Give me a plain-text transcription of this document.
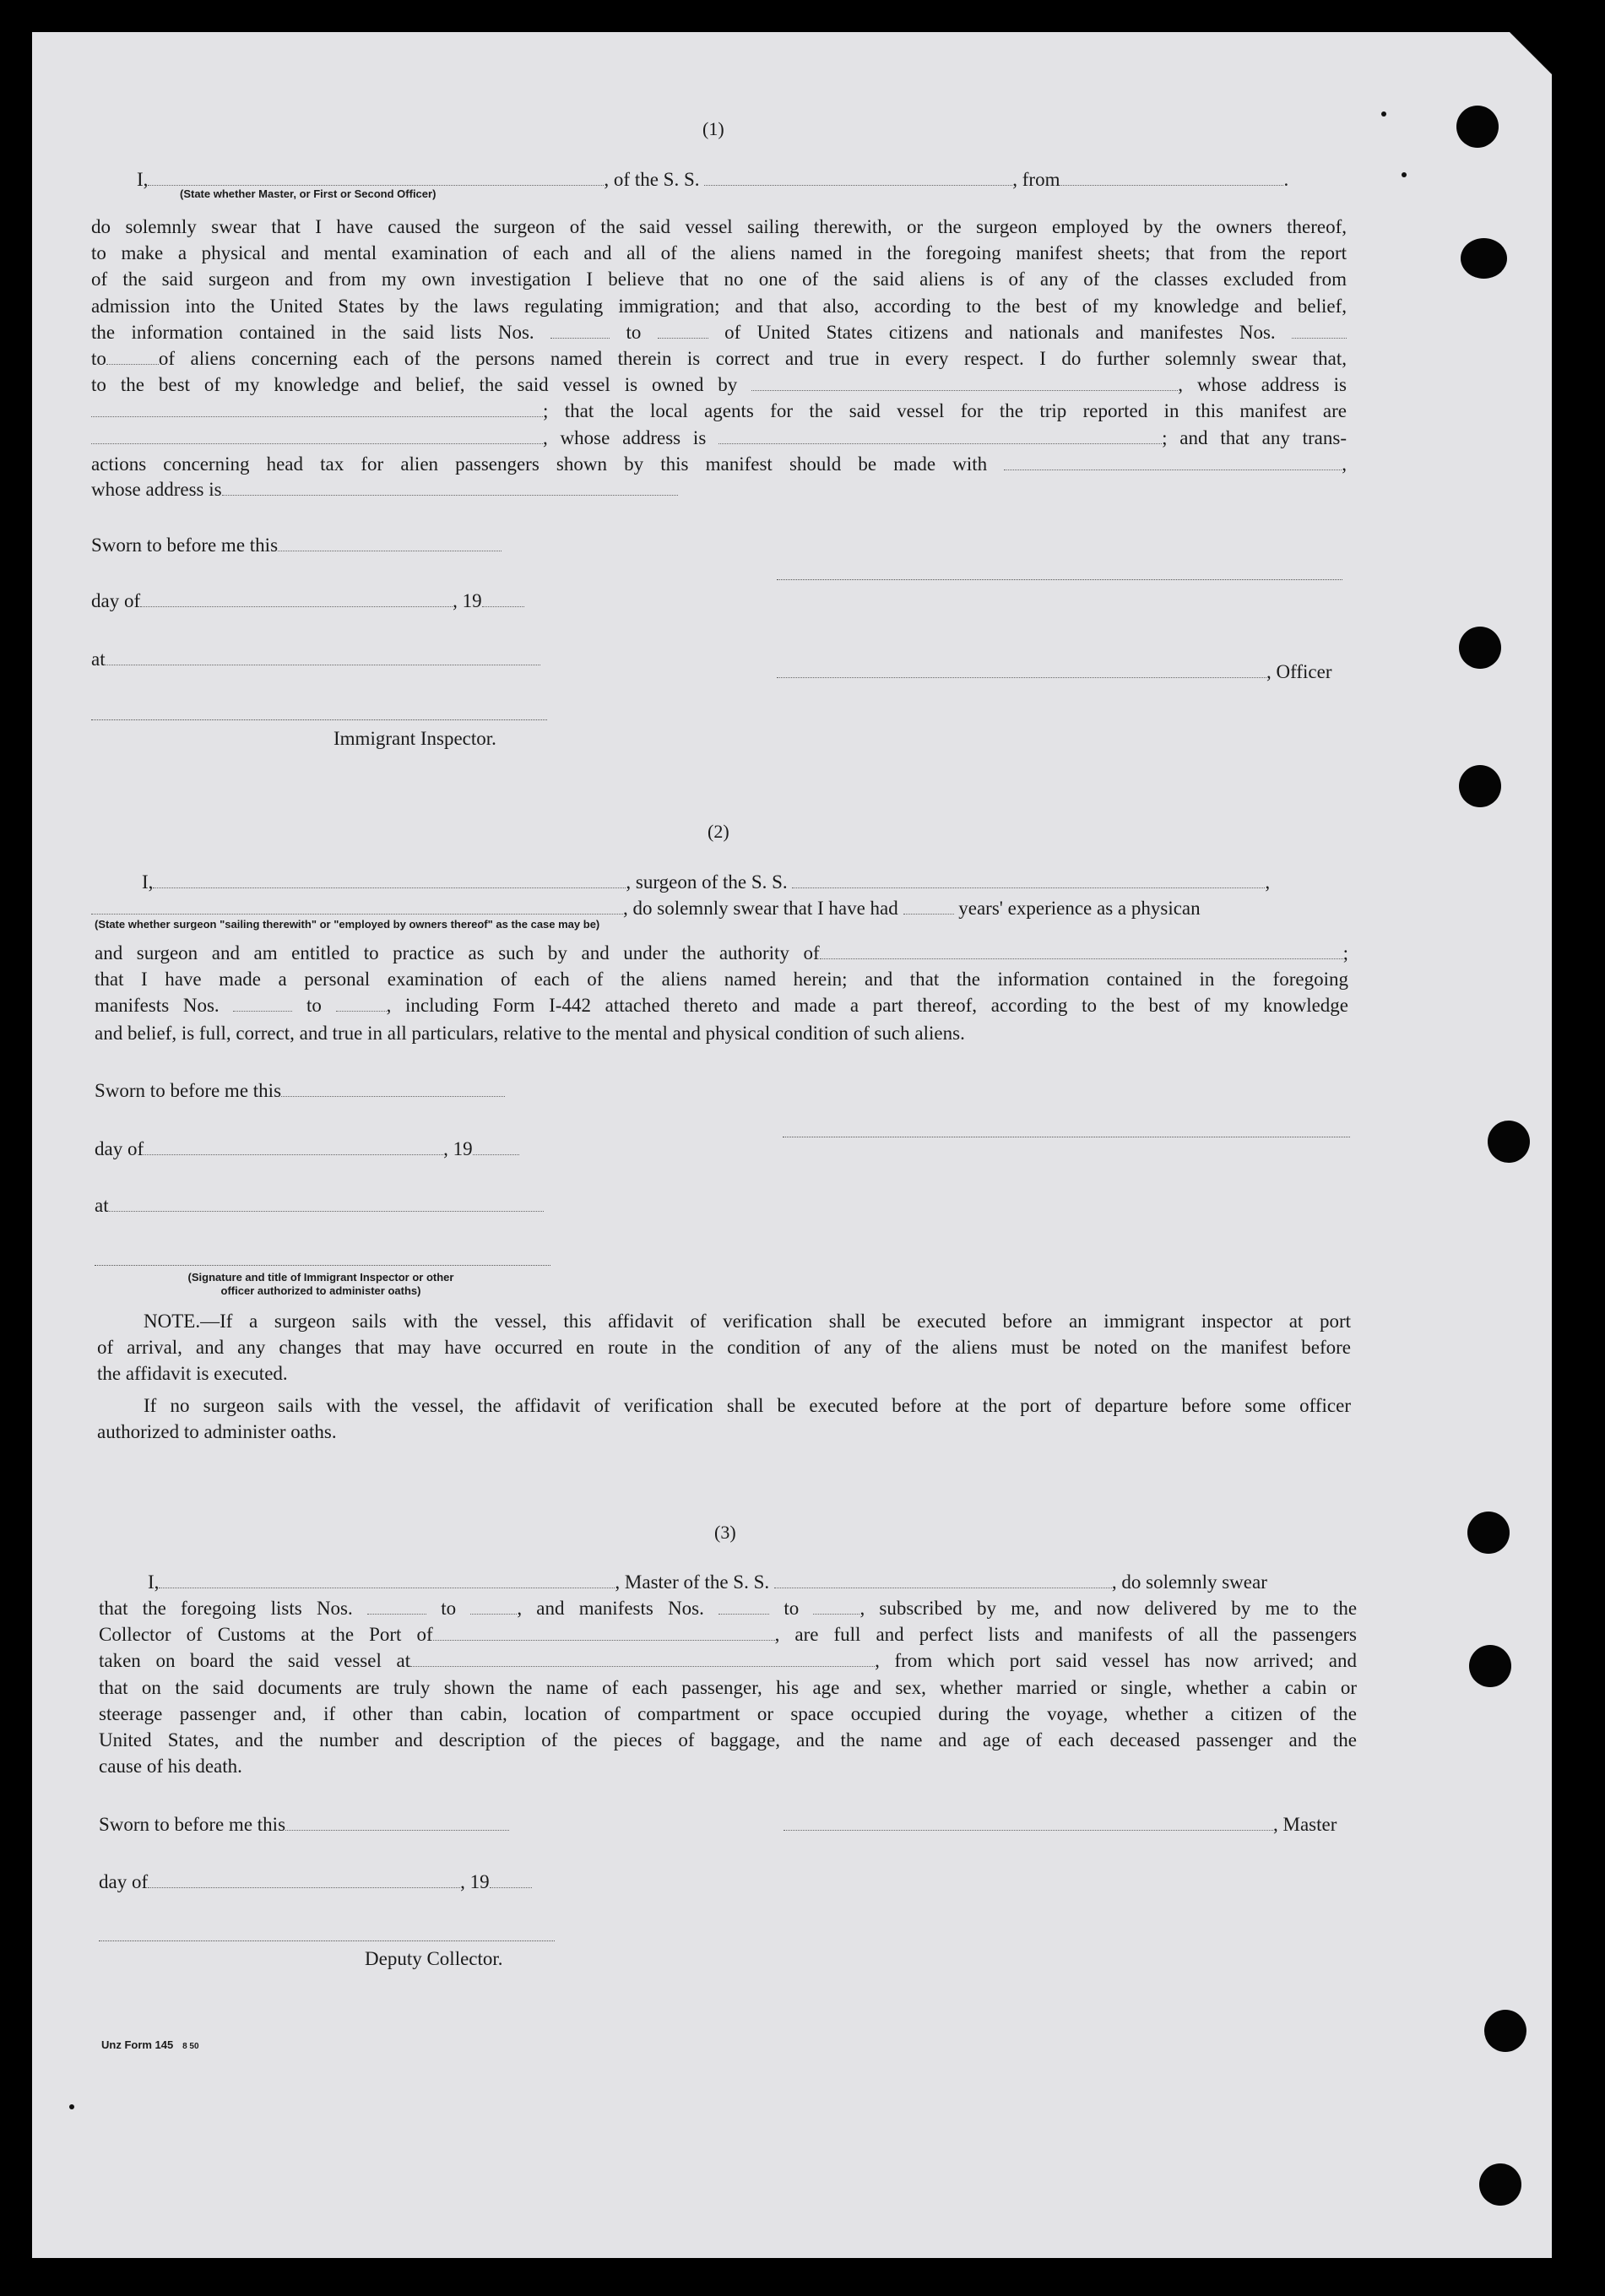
(1)
I,	, of the S. S.	, from	.
(State whether Master, or First or Second Officer)
do solemnly swear that I have caused the surgeon of the said vessel sailing therewith, or the surgeon employed by the owners thereof,
to make a physical and mental examination of each and all of the aliens named in the foregoing manifest sheets; that from the report
of the said surgeon and from my own investigation I believe that no one of the said aliens is of any of the classes excluded from
admission into the United States by the laws regulating immigration; and that also, according to the best of my knowledge and belief,
the information contained in the said lists Nos.	to	of United States citizens and nationals and manifestes Nos.
to	of aliens concerning each of the persons named therein is correct and true in every respect. I do further solemnly swear that,
to the best of my knowledge and belief, the said vessel is owned by	, whose address is
; that the local agents for the said vessel for the trip reported in this manifest are
, whose address is	; and that any trans-
actions concerning head tax for alien passengers shown by this manifest should be made with	,
whose address is
Sworn to before me this
day of	, 19
at
, Officer
Immigrant Inspector.
(2)
I,	, surgeon of the S. S.	,
, do solemnly swear that I have had	years' experience as a physican
(State whether surgeon "sailing therewith" or "employed by owners thereof" as the case may be)
and surgeon and am entitled to practice as such by and under the authority of	;
that I have made a personal examination of each of the aliens named herein; and that the information contained in the foregoing
manifests Nos.	to	, including Form I-442 attached thereto and made a part thereof, according to the best of my knowledge
and belief, is full, correct, and true in all particulars, relative to the mental and physical condition of such aliens.
Sworn to before me this
day of	, 19
at
(Signature and title of Immigrant Inspector or other
officer authorized to administer oaths)
NOTE.—If a surgeon sails with the vessel, this affidavit of verification shall be executed before an immigrant inspector at port
of arrival, and any changes that may have occurred en route in the condition of any of the aliens must be noted on the manifest before
the affidavit is executed.
If no surgeon sails with the vessel, the affidavit of verification shall be executed before at the port of departure before some officer
authorized to administer oaths.
(3)
I,	, Master of the S. S.	, do solemnly swear
that the foregoing lists Nos.	to	, and manifests Nos.	to	, subscribed by me, and now delivered by me to the
Collector of Customs at the Port of	, are full and perfect lists and manifests of all the passengers
taken on board the said vessel at	, from which port said vessel has now arrived; and
that on the said documents are truly shown the name of each passenger, his age and sex, whether married or single, whether a cabin or
steerage passenger and, if other than cabin, location of compartment or space occupied during the voyage, whether a citizen of the
United States, and the number and description of the pieces of baggage, and the name and age of each deceased passenger and the
cause of his death.
Sworn to before me this	, Master
day of	, 19
Deputy Collector.
Unz Form 145 8 50
